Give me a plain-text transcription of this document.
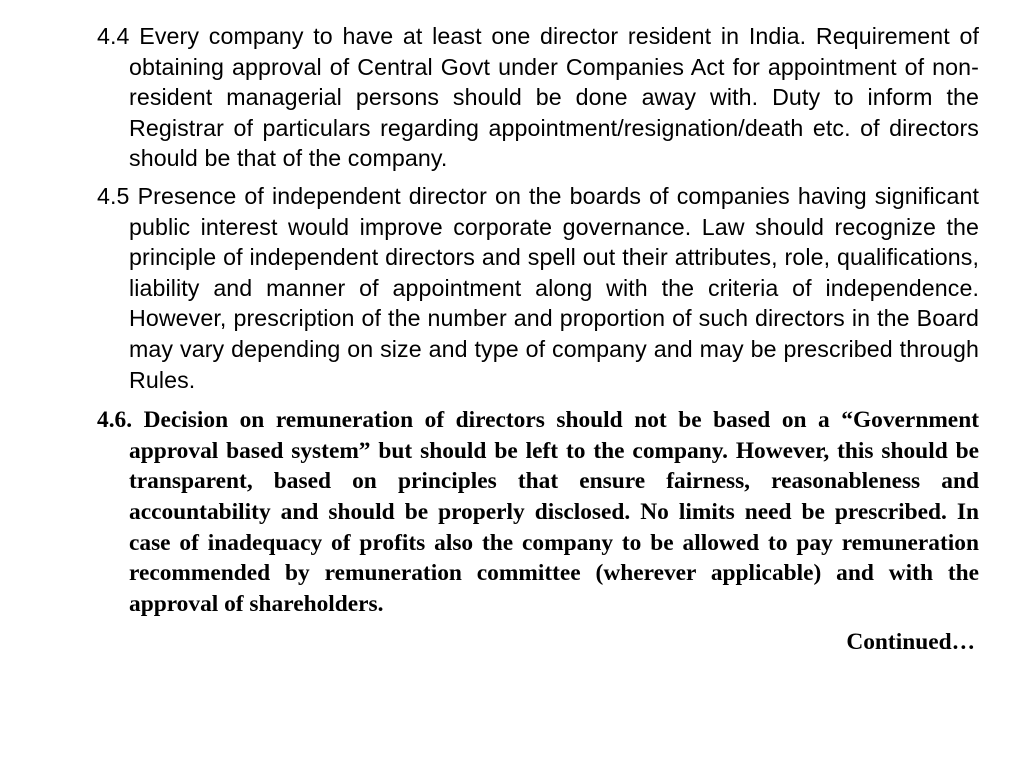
4.4 Every company to have at least one director resident in India. Requirement of obtaining approval of Central Govt under Companies Act for appointment of non-resident managerial persons should be done away with. Duty to inform the Registrar of particulars regarding appointment/resignation/death etc. of directors should be that of the company.

4.5 Presence of independent director on the boards of companies having significant public interest would improve corporate governance. Law should recognize the principle of independent directors and spell out their attributes, role, qualifications, liability and manner of appointment along with the criteria of independence. However, prescription of the number and proportion of such directors in the Board may vary depending on size and type of company and may be prescribed through Rules.

4.6. Decision on remuneration of directors should not be based on a “Government approval based system” but should be left to the company. However, this should be transparent, based on principles that ensure fairness, reasonableness and accountability and should be properly disclosed. No limits need be prescribed. In case of inadequacy of profits also the company to be allowed to pay remuneration recommended by remuneration committee (wherever applicable) and with the approval of shareholders.

Continued…
